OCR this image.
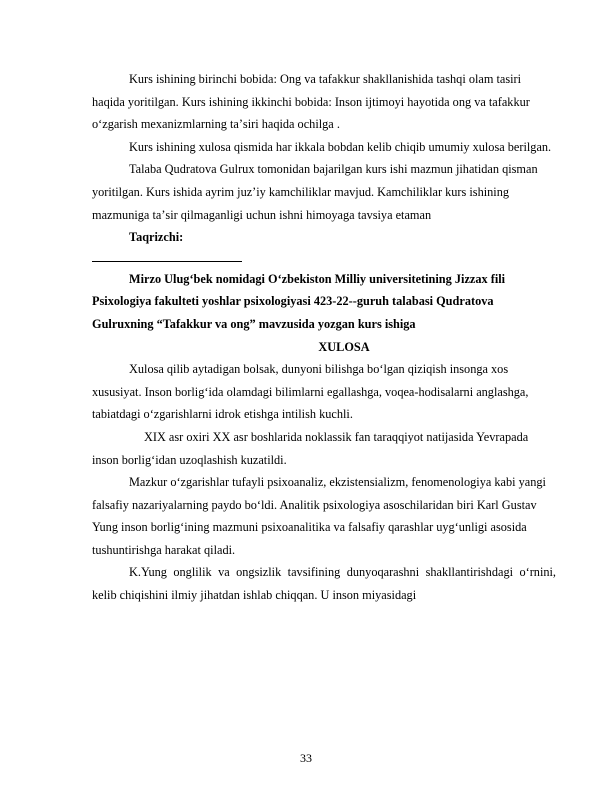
Kurs ishining birinchi bobida: Ong va tafakkur shakllanishida tashqi olam tasiri haqida yoritilgan. Kurs ishining ikkinchi bobida: Inson ijtimoyi hayotida ong va tafakkur oʻzgarish mexanizmlarning taʼsiri haqida ochilga .

Kurs ishining xulosa qismida har ikkala bobdan kelib chiqib umumiy xulosa berilgan.

Talaba Qudratova Gulrux tomonidan bajarilgan kurs ishi mazmun jihatidan qisman yoritilgan. Kurs ishida ayrim juzʼiy kamchiliklar mavjud. Kamchiliklar kurs ishining mazmuniga taʼsir qilmaganligi uchun ishni himoyaga tavsiya etaman

Taqrizchi:

Mirzo Ulugʻbek nomidagi Oʻzbekiston Milliy universitetining Jizzax fili Psixologiya fakulteti yoshlar psixologiyasi 423-22--guruh talabasi Qudratova Gulruxning “Tafakkur va ong” mavzusida yozgan kurs ishiga

XULOSA

Xulosa qilib aytadigan bolsak, dunyoni bilishga boʻlgan qiziqish insonga xos xususiyat. Inson borligʻida olamdagi bilimlarni egallashga, voqea-hodisalarni anglashga, tabiatdagi oʻzgarishlarni idrok etishga intilish kuchli.

XIX asr oxiri XX asr boshlarida noklassik fan taraqqiyot natijasida Yevrapada inson borligʻidan uzoqlashish kuzatildi.

Mazkur oʻzgarishlar tufayli psixoanaliz, ekzistensializm, fenomenologiya kabi yangi falsafiy nazariyalarning paydo boʻldi. Analitik psixologiya asoschilaridan biri Karl Gustav Yung inson borligʻining mazmuni psixoanalitika va falsafiy qarashlar uygʻunligi asosida tushuntirishga harakat qiladi.

K.Yung onglilik va ongsizlik tavsifining dunyoqarashni shakllantirishdagi oʻrnini, kelib chiqishini ilmiy jihatdan ishlab chiqqan. U inson miyasidagi

33
